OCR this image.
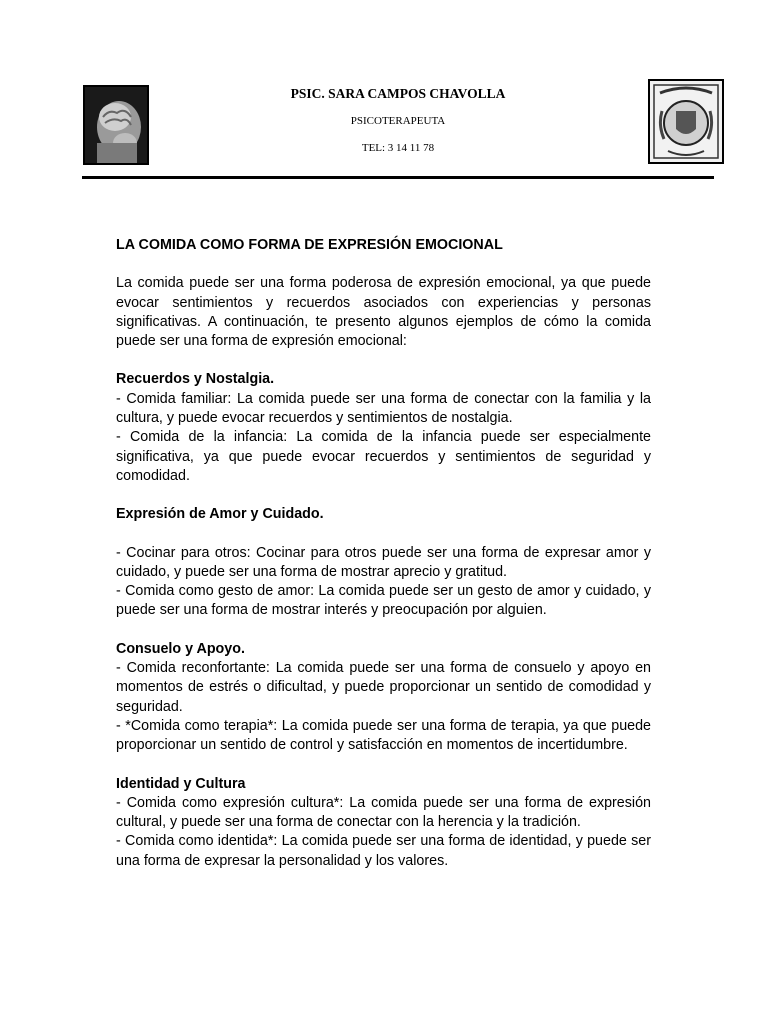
PSIC. SARA CAMPOS CHAVOLLA
PSICOTERAPEUTA
TEL: 3 14 11 78
LA COMIDA COMO FORMA DE EXPRESIÓN EMOCIONAL

La comida puede ser una forma poderosa de expresión emocional, ya que puede evocar sentimientos y recuerdos asociados con experiencias y personas significativas. A continuación, te presento algunos ejemplos de cómo la comida puede ser una forma de expresión emocional:

Recuerdos y Nostalgia.

- Comida familiar: La comida puede ser una forma de conectar con la familia y la cultura, y puede evocar recuerdos y sentimientos de nostalgia.

- Comida de la infancia: La comida de la infancia puede ser especialmente significativa, ya que puede evocar recuerdos y sentimientos de seguridad y comodidad.

Expresión de Amor y Cuidado.

- Cocinar para otros: Cocinar para otros puede ser una forma de expresar amor y cuidado, y puede ser una forma de mostrar aprecio y gratitud.

- Comida como gesto de amor: La comida puede ser un gesto de amor y cuidado, y puede ser una forma de mostrar interés y preocupación por alguien.

Consuelo y Apoyo.

- Comida reconfortante: La comida puede ser una forma de consuelo y apoyo en momentos de estrés o dificultad, y puede proporcionar un sentido de comodidad y seguridad.

- *Comida como terapia*: La comida puede ser una forma de terapia, ya que puede proporcionar un sentido de control y satisfacción en momentos de incertidumbre.

Identidad y Cultura

- Comida como expresión cultura*: La comida puede ser una forma de expresión cultural, y puede ser una forma de conectar con la herencia y la tradición.

- Comida como identida*: La comida puede ser una forma de identidad, y puede ser una forma de expresar la personalidad y los valores.
